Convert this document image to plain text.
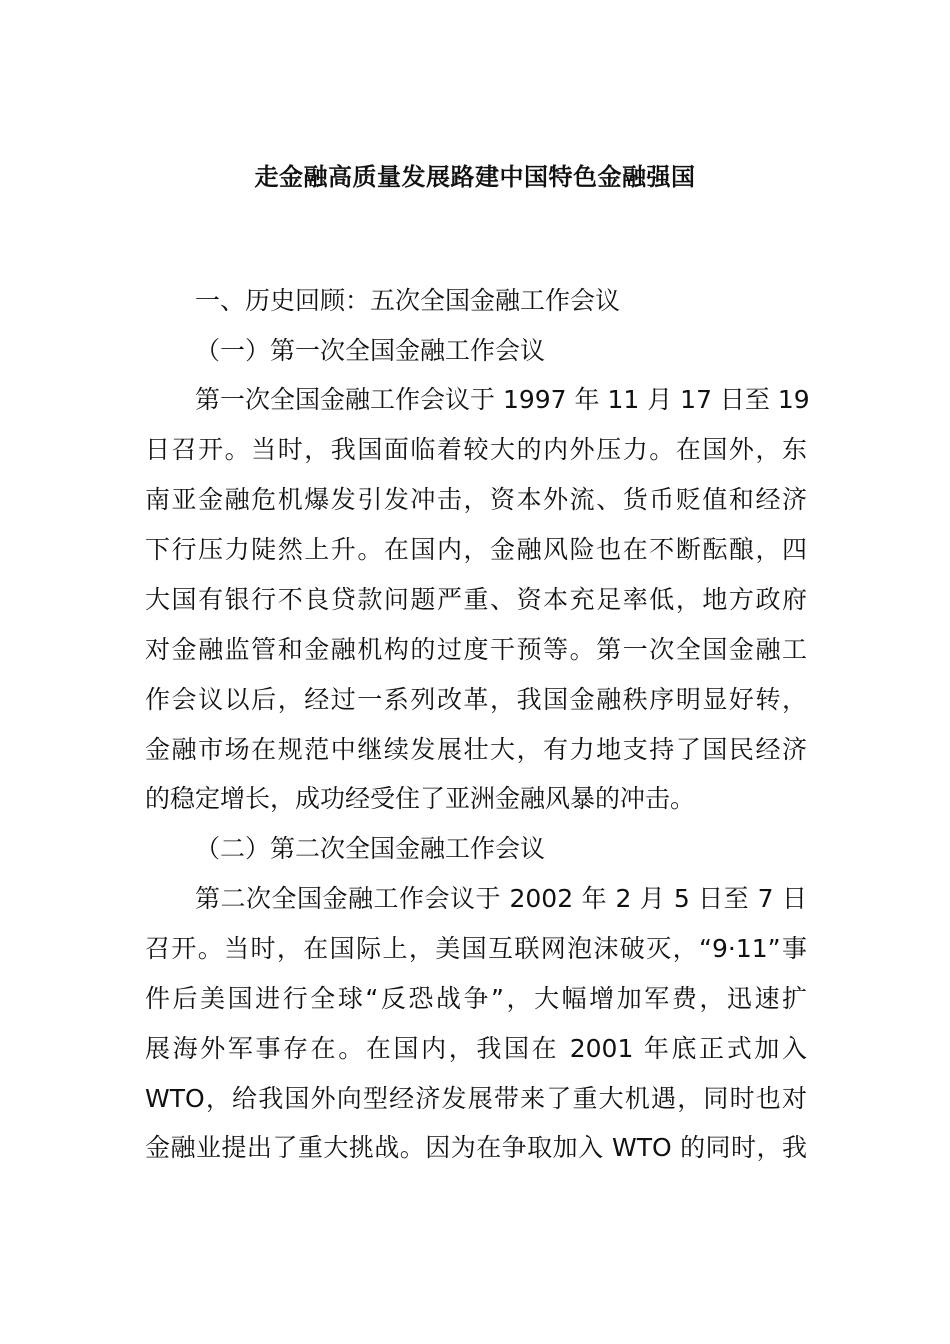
走金融高质量发展路建中国特色金融强国
一、历史回顾：五次全国金融工作会议
（一）第一次全国金融工作会议
第一次全国金融工作会议于 1997 年 11 月 17 日至 19
日召开。当时，我国面临着较大的内外压力。在国外，东
南亚金融危机爆发引发冲击，资本外流、货币贬值和经济
下行压力陡然上升。在国内，金融风险也在不断酝酿，四
大国有银行不良贷款问题严重、资本充足率低，地方政府
对金融监管和金融机构的过度干预等。第一次全国金融工
作会议以后，经过一系列改革，我国金融秩序明显好转，
金融市场在规范中继续发展壮大，有力地支持了国民经济
的稳定增长，成功经受住了亚洲金融风暴的冲击。
（二）第二次全国金融工作会议
第二次全国金融工作会议于 2002 年 2 月 5 日至 7 日
召开。当时，在国际上，美国互联网泡沫破灭，“9·11”事
件后美国进行全球“反恐战争”，大幅增加军费，迅速扩
展海外军事存在。在国内，我国在 2001 年底正式加入
WTO，给我国外向型经济发展带来了重大机遇，同时也对
金融业提出了重大挑战。因为在争取加入 WTO 的同时，我
